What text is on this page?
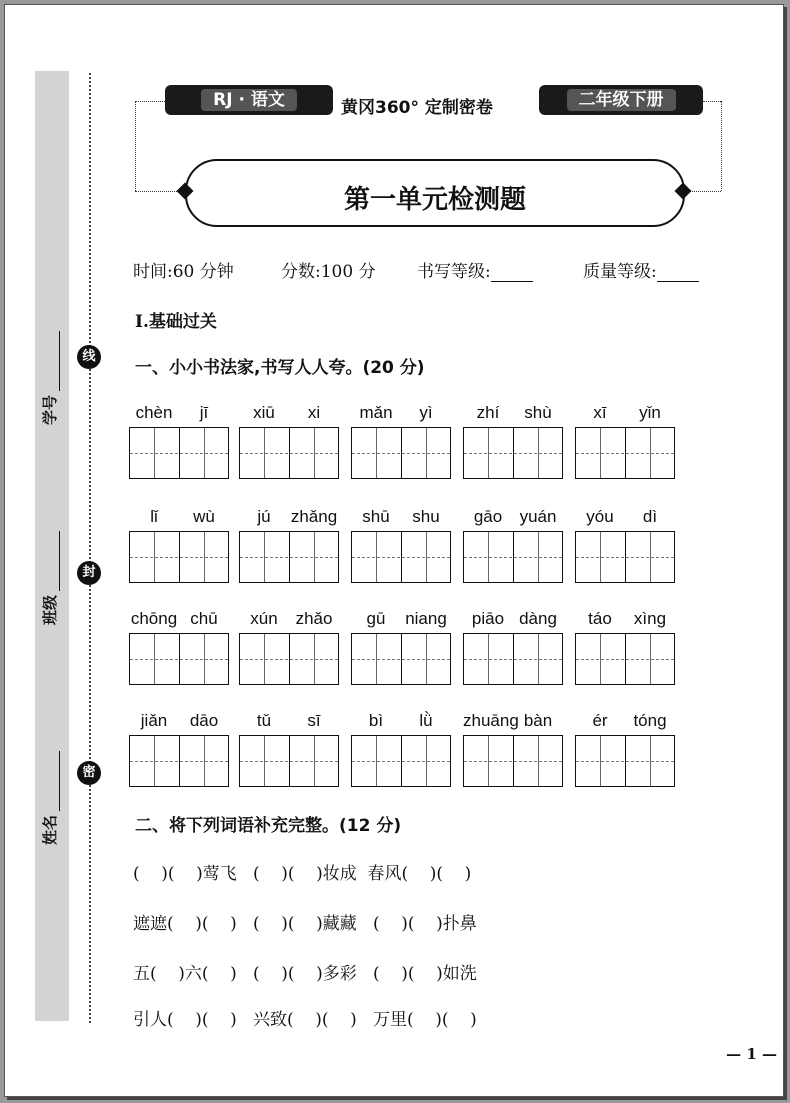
学号
班级
姓名
线
封
密
RJ · 语文	黄冈360° 定制密卷	二年级下册
第一单元检测题
时间:60 分钟	分数:100 分 书写等级:	质量等级:
Ⅰ.基础过关
一、小小书法家,书写人人夸。(20 分)
chèn	jī	xiū	xi	mǎn	yì	zhí	shù	xī	yǐn
lǐ	wù	jú	zhǎng	shū	shu	gāo	yuán	yóu	dì
chōng chū	xún	zhǎo	gū	niang	piāo dàng	táo	xìng
jiǎn	dāo	tǔ	sī	bì	lǜ	zhuāng bàn	ér	tóng
二、将下列词语补充完整。(12 分)
(    )(    )莺飞   (    )(    )妆成  春风(    )(    )
遮遮(    )(    )   (    )(    )藏藏   (    )(    )扑鼻
五(    )六(    )   (    )(    )多彩   (    )(    )如洗
引人(    )(    )   兴致(    )(    )   万里(    )(    )
— 1 —
